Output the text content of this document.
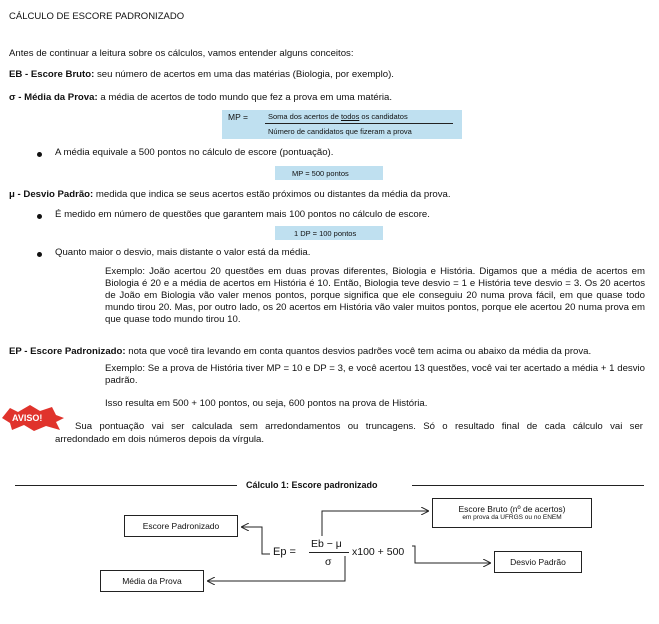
CÁLCULO DE ESCORE PADRONIZADO
Antes de continuar a leitura sobre os cálculos, vamos entender alguns conceitos:
EB - Escore Bruto: seu número de acertos em uma das matérias (Biologia, por exemplo).
σ - Média da Prova: a média de acertos de todo mundo que fez a prova em uma matéria.
MP =	Soma dos acertos de todos os candidatos
Número de candidatos que fizeram a prova
A média equivale a 500 pontos no cálculo de escore (pontuação).
MP = 500 pontos
μ - Desvio Padrão: medida que indica se seus acertos estão próximos ou distantes da média da prova.
É medido em número de questões que garantem mais 100 pontos no cálculo de escore.
1 DP = 100 pontos
Quanto maior o desvio, mais distante o valor está da média.
Exemplo: João acertou 20 questões em duas provas diferentes, Biologia e História. Digamos que a média de acertos em Biologia é 20 e a média de acertos em História é 10. Então, Biologia teve desvio = 1 e História teve desvio = 3. Os 20 acertos de João em Biologia vão valer menos pontos, porque significa que ele conseguiu 20 numa prova fácil, em que quase todo mundo tirou 20. Mas, por outro lado, os 20 acertos em História vão valer muitos pontos, porque ele acertou 20 numa prova em que quase todo mundo tirou 10.
EP - Escore Padronizado: nota que você tira levando em conta quantos desvios padrões você tem acima ou abaixo da média da prova.
Exemplo: Se a prova de História tiver MP = 10 e DP = 3, e você acertou 13 questões, você vai ter acertado a média + 1 desvio padrão.
Isso resulta em 500 + 100 pontos, ou seja, 600 pontos na prova de História.
AVISO!
Sua pontuação vai ser calculada sem arredondamentos ou truncagens. Só o resultado final de cada cálculo vai ser
arredondado em dois números depois da vírgula.
Cálculo 1: Escore padronizado
Escore Bruto (nº de acertos)
em prova da UFRGS ou no ENEM
Escore Padronizado
Desvio Padrão
Média da Prova
Ep =
Eb − μ
σ
x100 + 500
